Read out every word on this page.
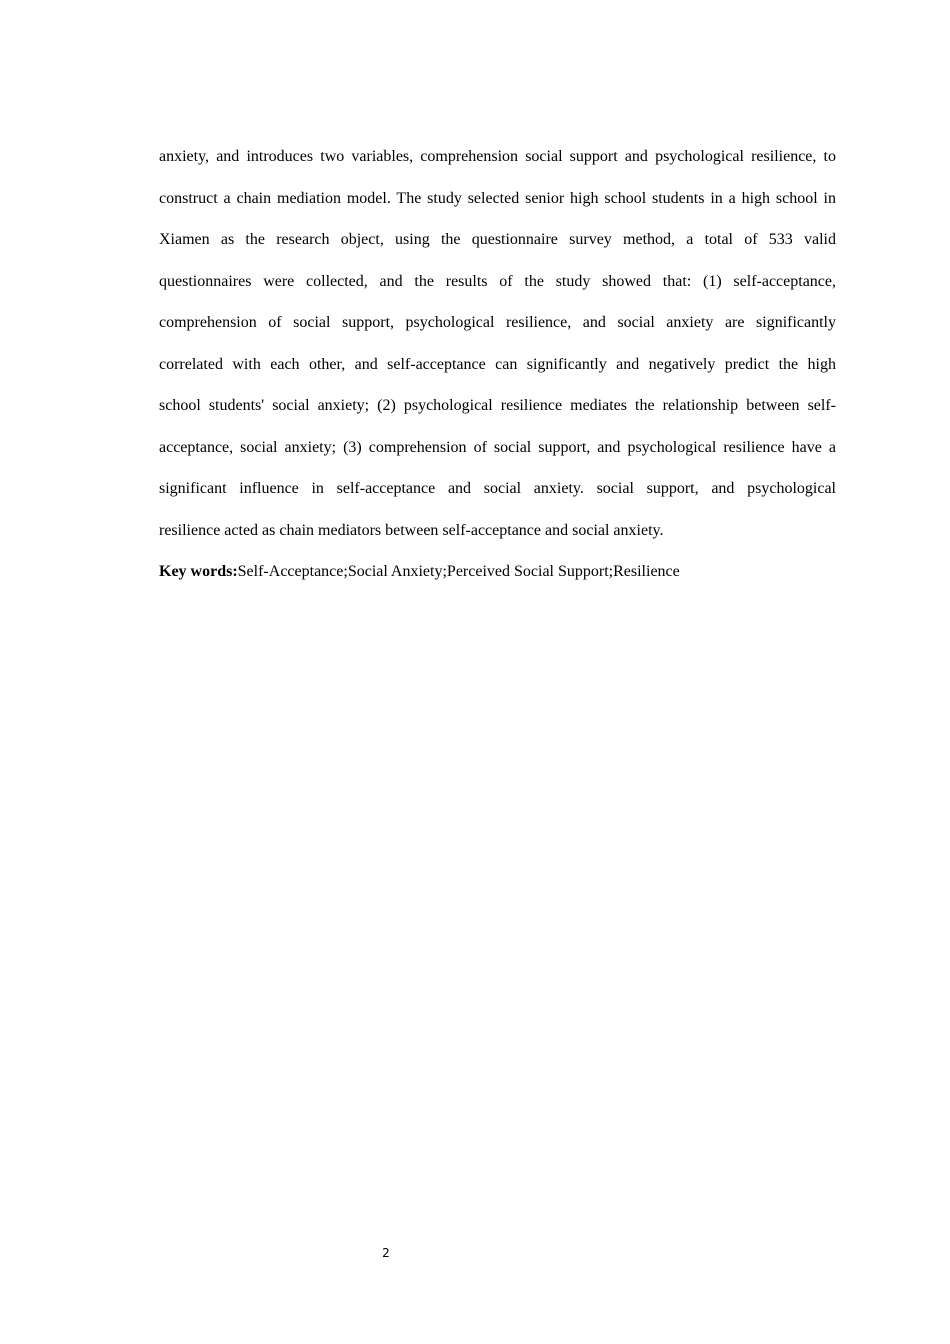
anxiety, and introduces two variables, comprehension social support and psychological resilience, to
construct a chain mediation model. The study selected senior high school students in a high school in
Xiamen as the research object, using the questionnaire survey method, a total of 533 valid
questionnaires were collected, and the results of the study showed that: (1) self-acceptance,
comprehension of social support, psychological resilience, and social anxiety are significantly
correlated with each other, and self-acceptance can significantly and negatively predict the high
school students' social anxiety; (2) psychological resilience mediates the relationship between self-
acceptance, social anxiety; (3) comprehension of social support, and psychological resilience have a
significant influence in self-acceptance and social anxiety. social support, and psychological
resilience acted as chain mediators between self-acceptance and social anxiety.
Key words:Self-Acceptance;Social Anxiety;Perceived Social Support;Resilience
2
